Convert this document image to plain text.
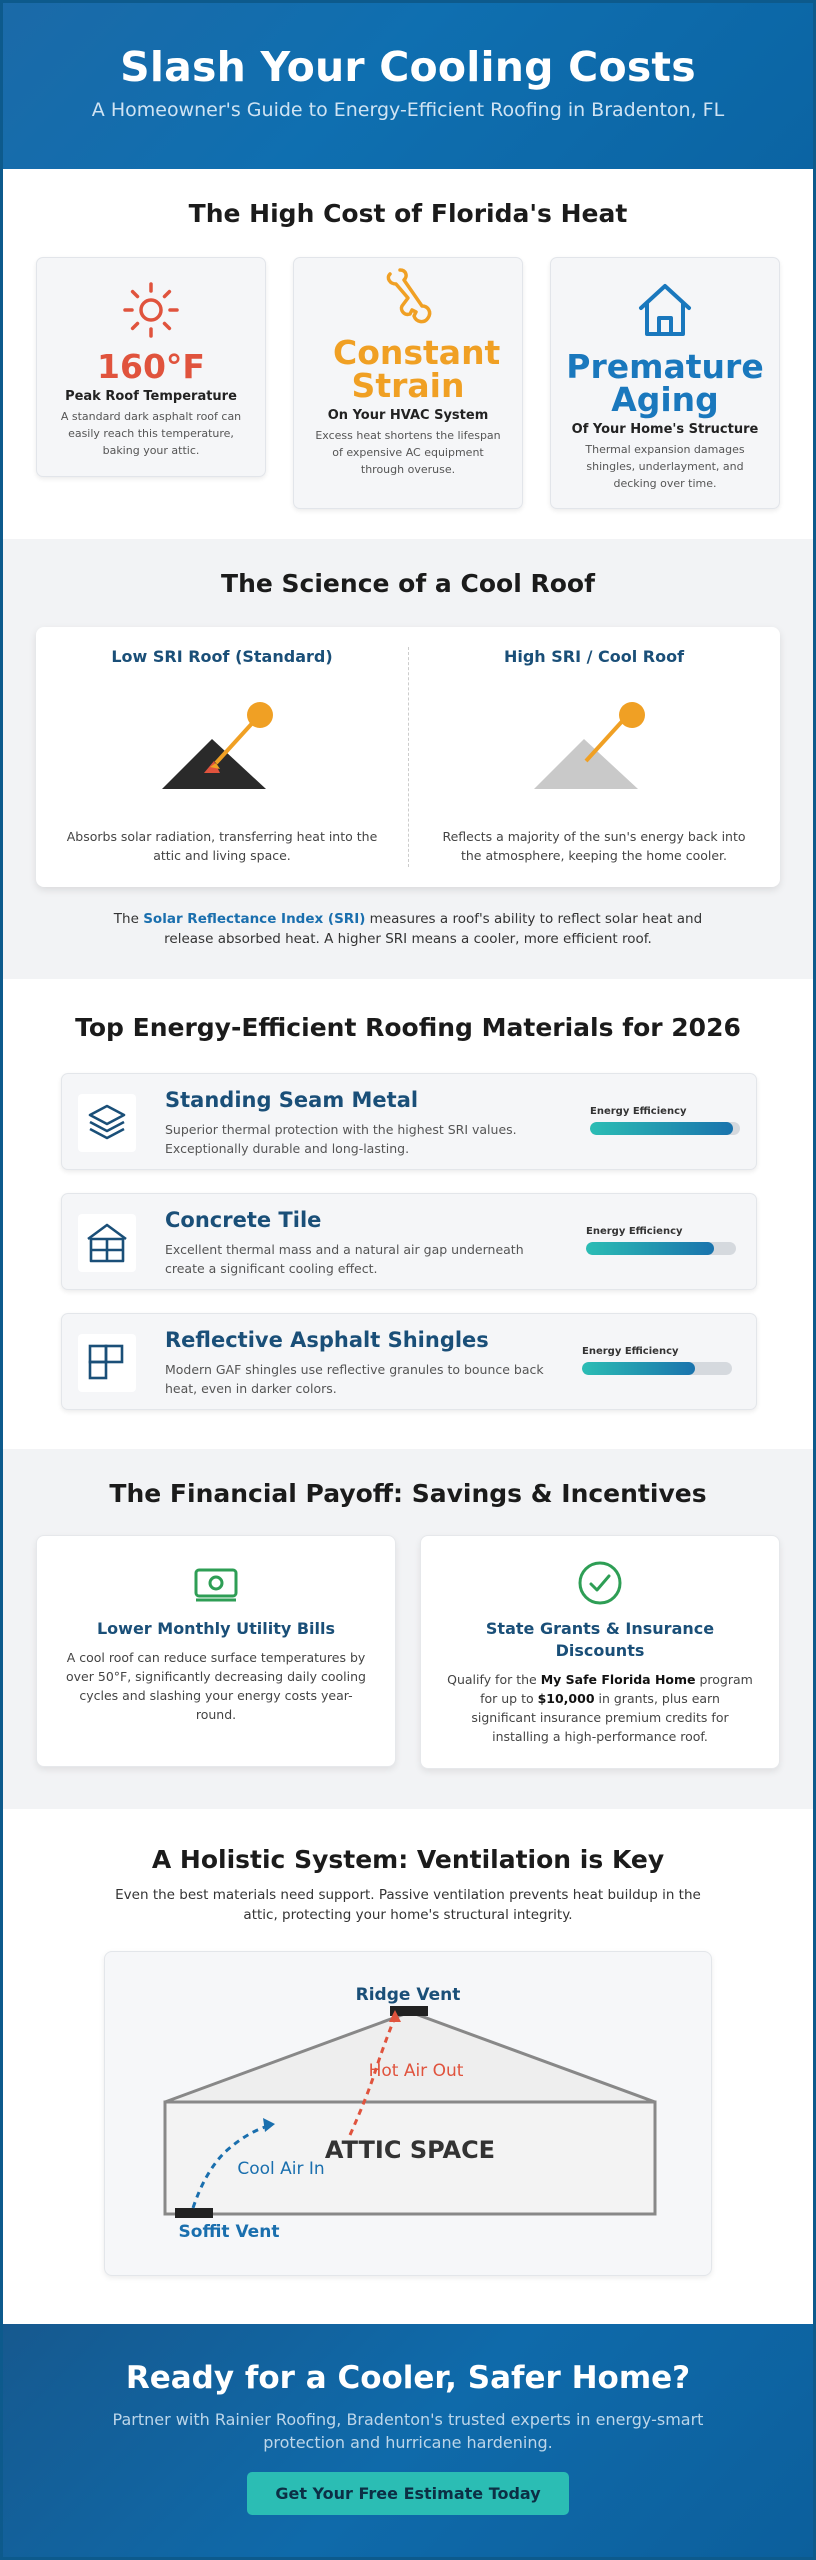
Slash Your Cooling Costs

A Homeowner's Guide to Energy-Efficient Roofing in Bradenton, FL

The High Cost of Florida's Heat
160°F
Peak Roof Temperature
A standard dark asphalt roof can easily reach this temperature, baking your attic.
Constant Strain
On Your HVAC System
Excess heat shortens the lifespan of expensive AC equipment through overuse.
Premature Aging
Of Your Home's Structure
Thermal expansion damages shingles, underlayment, and decking over time.
The Science of a Cool Roof
Low SRI Roof (Standard)
Absorbs solar radiation, transferring heat into the attic and living space.
High SRI / Cool Roof
Reflects a majority of the sun's energy back into the atmosphere, keeping the home cooler.

The Solar Reflectance Index (SRI) measures a roof's ability to reflect solar heat and release absorbed heat. A higher SRI means a cooler, more efficient roof.

Top Energy-Efficient Roofing Materials for 2026
Standing Seam Metal
Superior thermal protection with the highest SRI values. Exceptionally durable and long-lasting.
Energy Efficiency
Concrete Tile
Excellent thermal mass and a natural air gap underneath create a significant cooling effect.
Energy Efficiency
Reflective Asphalt Shingles
Modern GAF shingles use reflective granules to bounce back heat, even in darker colors.
Energy Efficiency
The Financial Payoff: Savings & Incentives
Lower Monthly Utility Bills

A cool roof can reduce surface temperatures by over 50°F, significantly decreasing daily cooling cycles and slashing your energy costs year-round.

State Grants & Insurance Discounts

Qualify for the My Safe Florida Home program for up to $10,000 in grants, plus earn significant insurance premium credits for installing a high-performance roof.

A Holistic System: Ventilation is Key

Even the best materials need support. Passive ventilation prevents heat buildup in the attic, protecting your home's structural integrity.

Ridge Vent
Hot Air Out
ATTIC SPACE
Cool Air In
Soffit Vent
Ready for a Cooler, Safer Home?

Partner with Rainier Roofing, Bradenton's trusted experts in energy-smart protection and hurricane hardening.

Get Your Free Estimate Today
